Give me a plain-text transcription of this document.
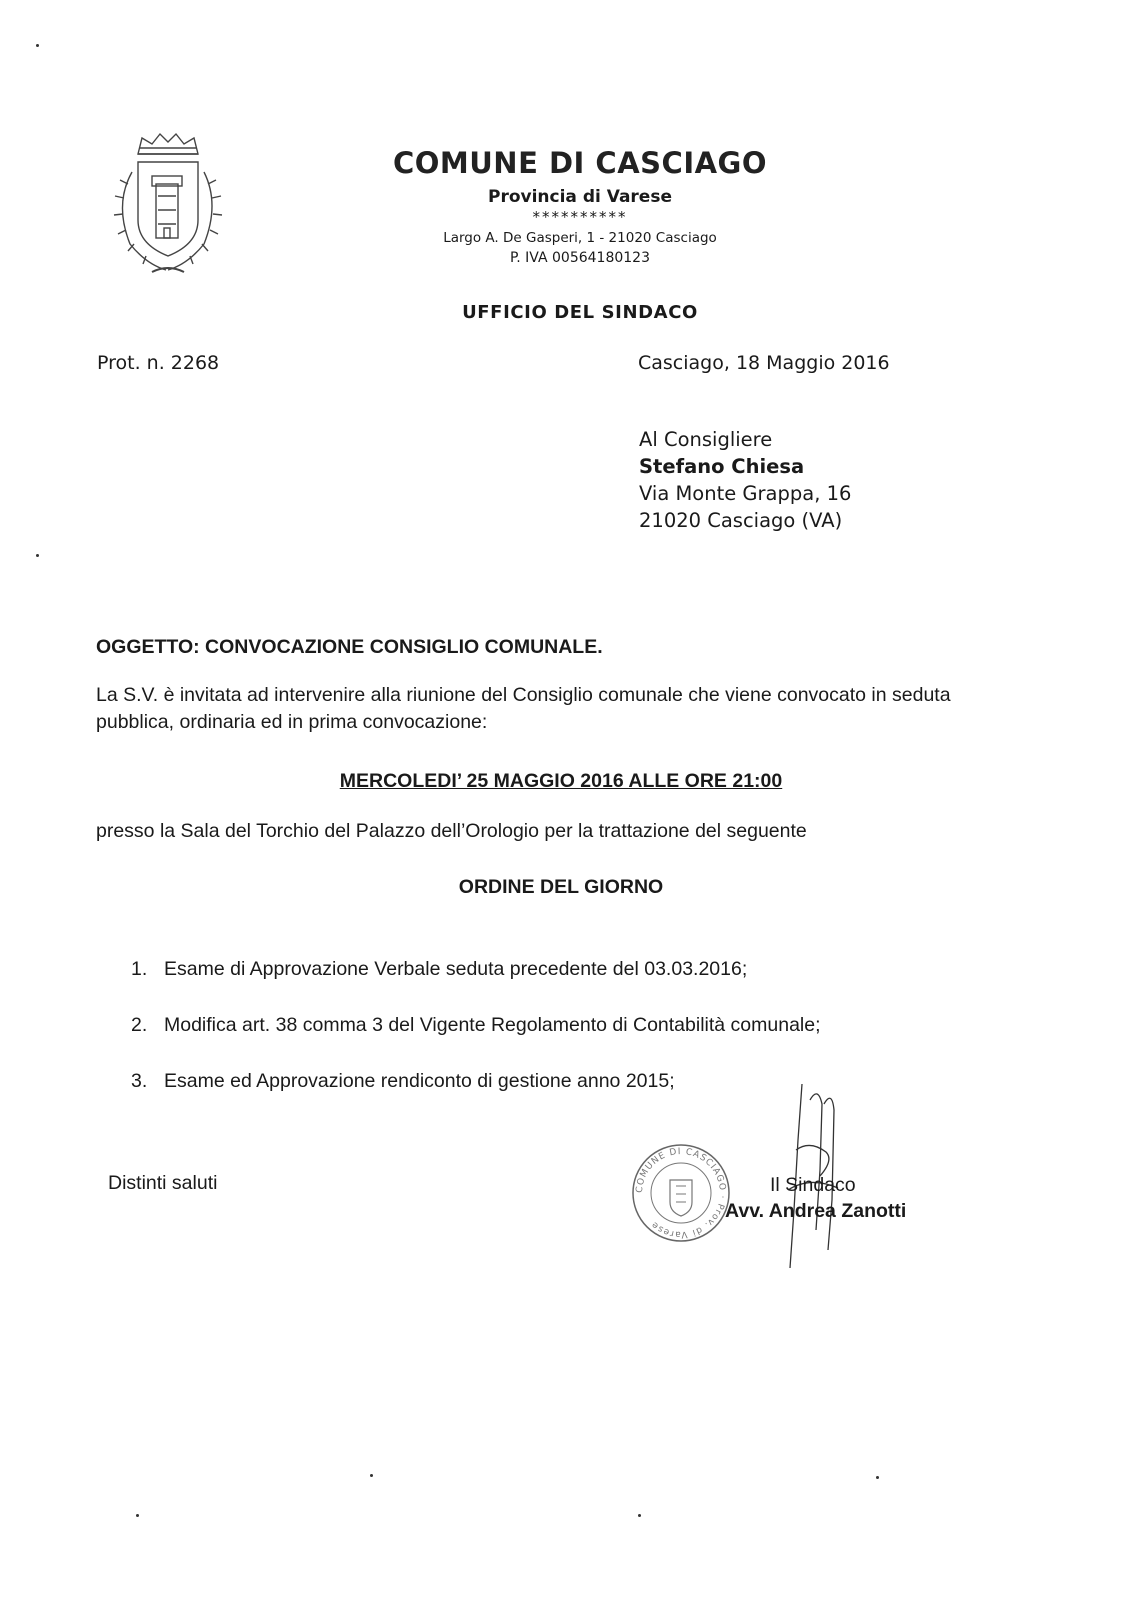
COMUNE DI CASCIAGO
Provincia di Varese
**********
Largo A. De Gasperi, 1 - 21020 Casciago
P. IVA 00564180123
UFFICIO DEL SINDACO
Prot. n. 2268	Casciago, 18 Maggio 2016
Al Consigliere
Stefano Chiesa
Via Monte Grappa, 16
21020 Casciago (VA)
OGGETTO: CONVOCAZIONE CONSIGLIO COMUNALE.
La S.V. è invitata ad intervenire alla riunione del Consiglio comunale che viene convocato in seduta pubblica, ordinaria ed in prima convocazione:
MERCOLEDI’ 25 MAGGIO 2016 ALLE ORE 21:00
presso la Sala del Torchio del Palazzo dell’Orologio per la trattazione del seguente
ORDINE DEL GIORNO
1. Esame di Approvazione Verbale seduta precedente del 03.03.2016;
2. Modifica art. 38 comma 3 del Vigente Regolamento di Contabilità comunale;
3. Esame ed Approvazione rendiconto di gestione anno 2015;
Distinti saluti	COMUNE DI CASCIAGO · Prov. di Varese
Il Sindaco
Avv. Andrea Zanotti
